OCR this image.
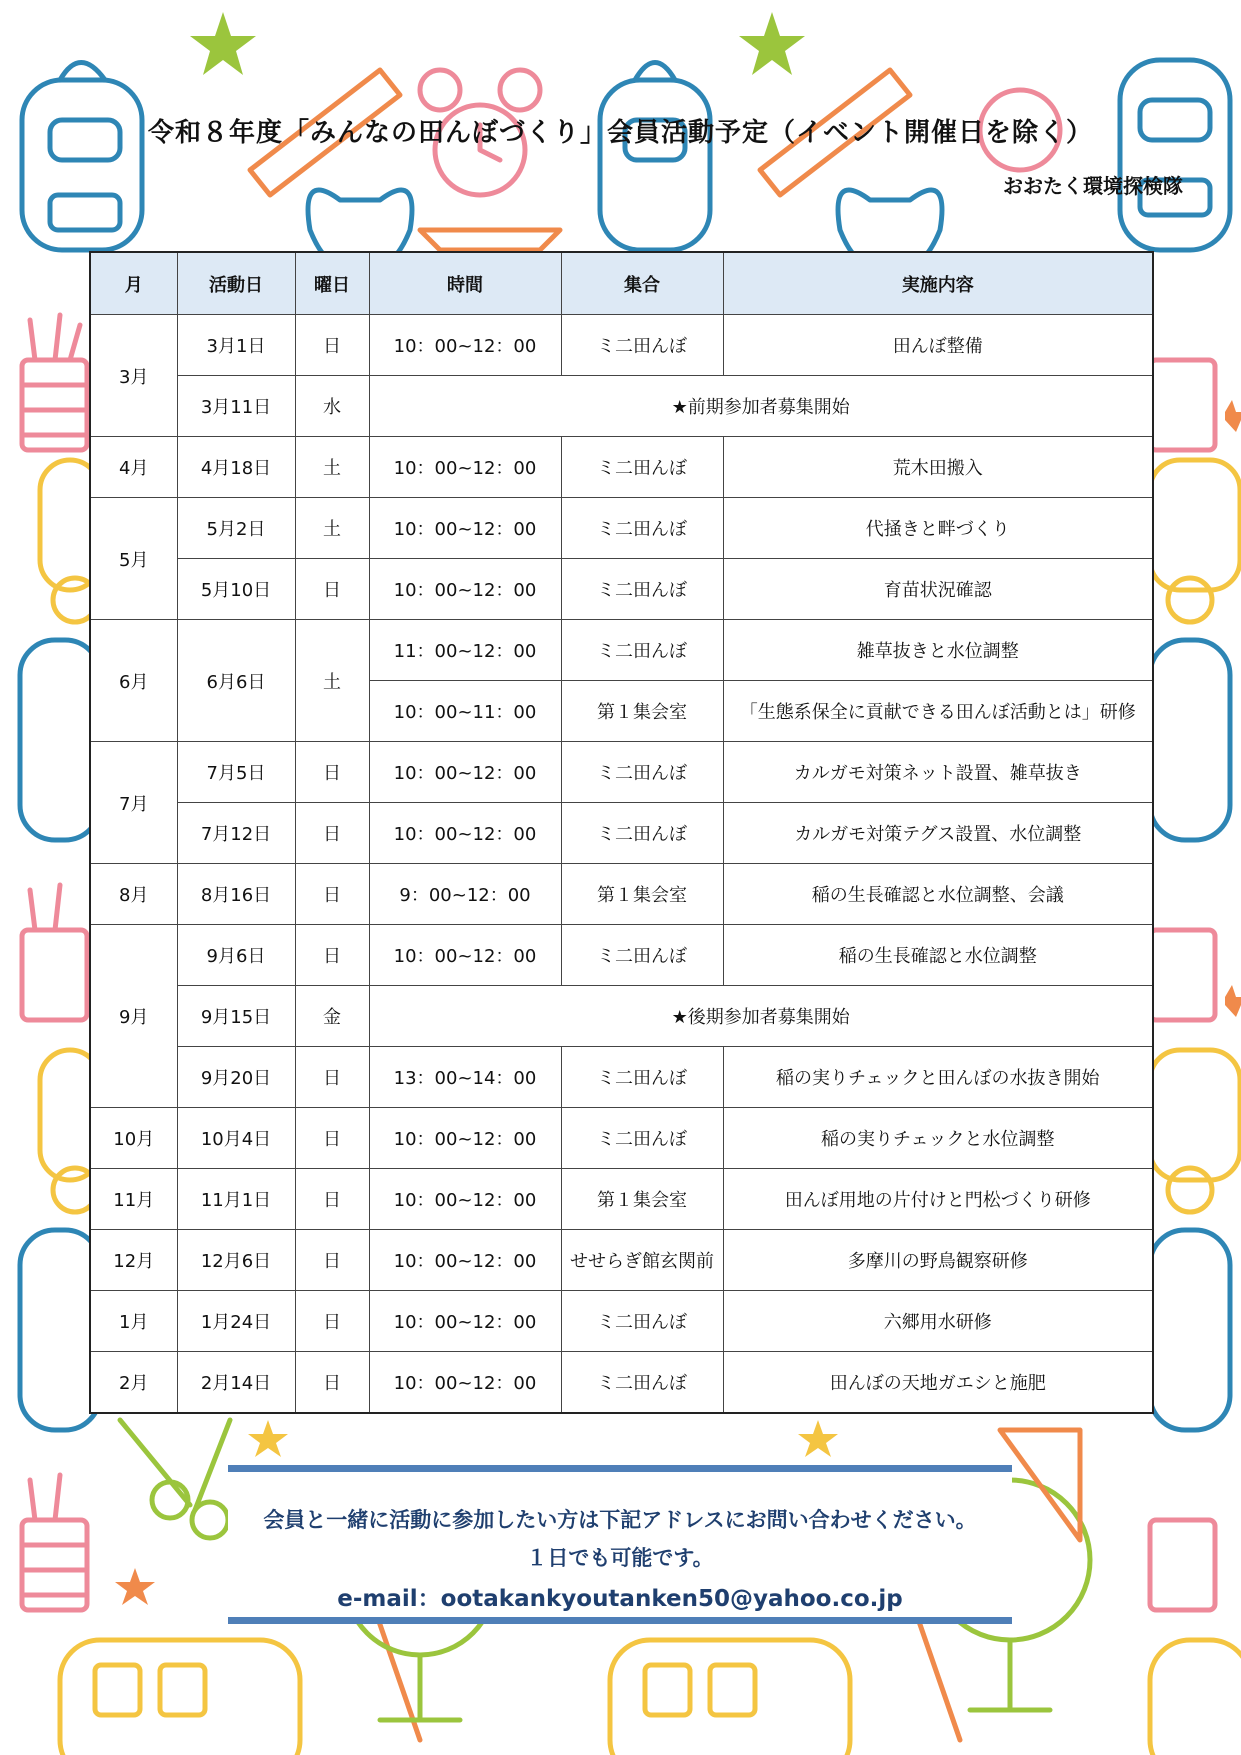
令和８年度「みんなの田んぼづくり」会員活動予定（イベント開催日を除く）
おおたく環境探検隊
月	活動日	曜日	時間	集合	実施内容
3月	3月1日	日	10：00~12：00	ミ二田んぼ	田んぼ整備
	3月11日	水	★前期参加者募集開始		
4月	4月18日	土	10：00~12：00	ミ二田んぼ	荒木田搬入
5月	5月2日	土	10：00~12：00	ミ二田んぼ	代掻きと畔づくり
	5月10日	日	10：00~12：00	ミ二田んぼ	育苗状況確認
6月	6月6日	土	11：00~12：00	ミ二田んぼ	雑草抜きと水位調整
			10：00~11：00	第１集会室	「生態系保全に貢献できる田んぼ活動とは」研修
7月	7月5日	日	10：00~12：00	ミ二田んぼ	カルガモ対策ネット設置、雑草抜き
	7月12日	日	10：00~12：00	ミ二田んぼ	カルガモ対策テグス設置、水位調整
8月	8月16日	日	9：00~12：00	第１集会室	稲の生長確認と水位調整、会議
9月	9月6日	日	10：00~12：00	ミ二田んぼ	稲の生長確認と水位調整
	9月15日	金	★後期参加者募集開始		
	9月20日	日	13：00~14：00	ミ二田んぼ	稲の実りチェックと田んぼの水抜き開始
10月	10月4日	日	10：00~12：00	ミ二田んぼ	稲の実りチェックと水位調整
11月	11月1日	日	10：00~12：00	第１集会室	田んぼ用地の片付けと門松づくり研修
12月	12月6日	日	10：00~12：00	せせらぎ館玄関前	多摩川の野鳥観察研修
1月	1月24日	日	10：00~12：00	ミ二田んぼ	六郷用水研修
2月	2月14日	日	10：00~12：00	ミ二田んぼ	田んぼの天地ガエシと施肥

会員と一緒に活動に参加したい方は下記アドレスにお問い合わせください。

１日でも可能です。

e-mail：ootakankyoutanken50@yahoo.co.jp
